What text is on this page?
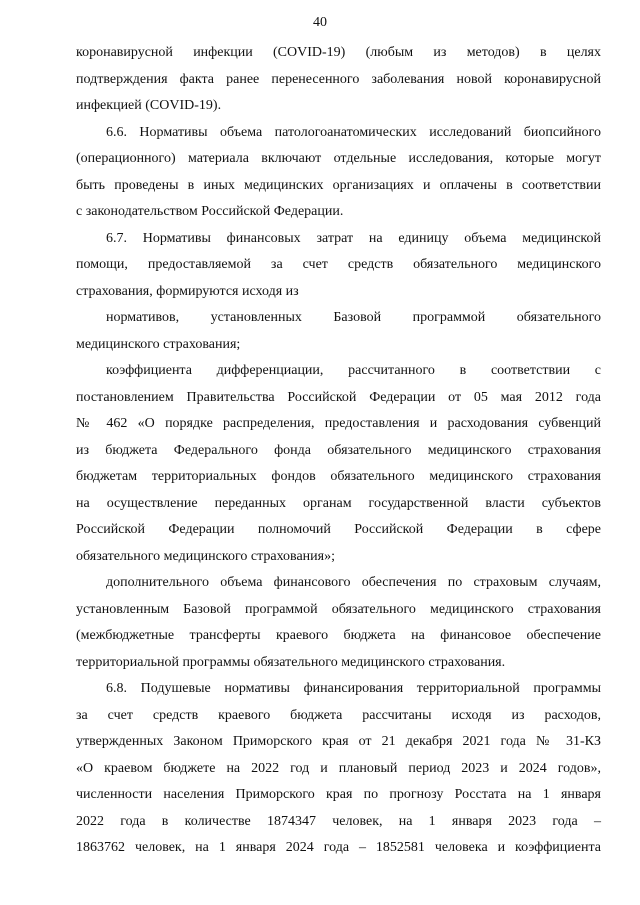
40
коронавирусной инфекции (COVID-19) (любым из методов) в целях
подтверждения факта ранее перенесенного заболевания новой коронавирусной
инфекцией (COVID-19).
6.6. Нормативы объема патологоанатомических исследований биопсийного
(операционного) материала включают отдельные исследования, которые могут
быть проведены в иных медицинских организациях и оплачены в соответствии
с законодательством Российской Федерации.
6.7. Нормативы финансовых затрат на единицу объема медицинской
помощи, предоставляемой за счет средств обязательного медицинского
страхования, формируются исходя из
нормативов, установленных Базовой программой обязательного
медицинского страхования;
коэффициента дифференциации, рассчитанного в соответствии с
постановлением Правительства Российской Федерации от 05 мая 2012 года
№ 462 «О порядке распределения, предоставления и расходования субвенций
из бюджета Федерального фонда обязательного медицинского страхования
бюджетам территориальных фондов обязательного медицинского страхования
на осуществление переданных органам государственной власти субъектов
Российской Федерации полномочий Российской Федерации в сфере
обязательного медицинского страхования»;
дополнительного объема финансового обеспечения по страховым случаям,
установленным Базовой программой обязательного медицинского страхования
(межбюджетные трансферты краевого бюджета на финансовое обеспечение
территориальной программы обязательного медицинского страхования.
6.8. Подушевые нормативы финансирования территориальной программы
за счет средств краевого бюджета рассчитаны исходя из расходов,
утвержденных Законом Приморского края от 21 декабря 2021 года № 31-КЗ
«О краевом бюджете на 2022 год и плановый период 2023 и 2024 годов»,
численности населения Приморского края по прогнозу Росстата на 1 января
2022 года в количестве 1874347 человек, на 1 января 2023 года –
1863762 человек, на 1 января 2024 года – 1852581 человека и коэффициента
